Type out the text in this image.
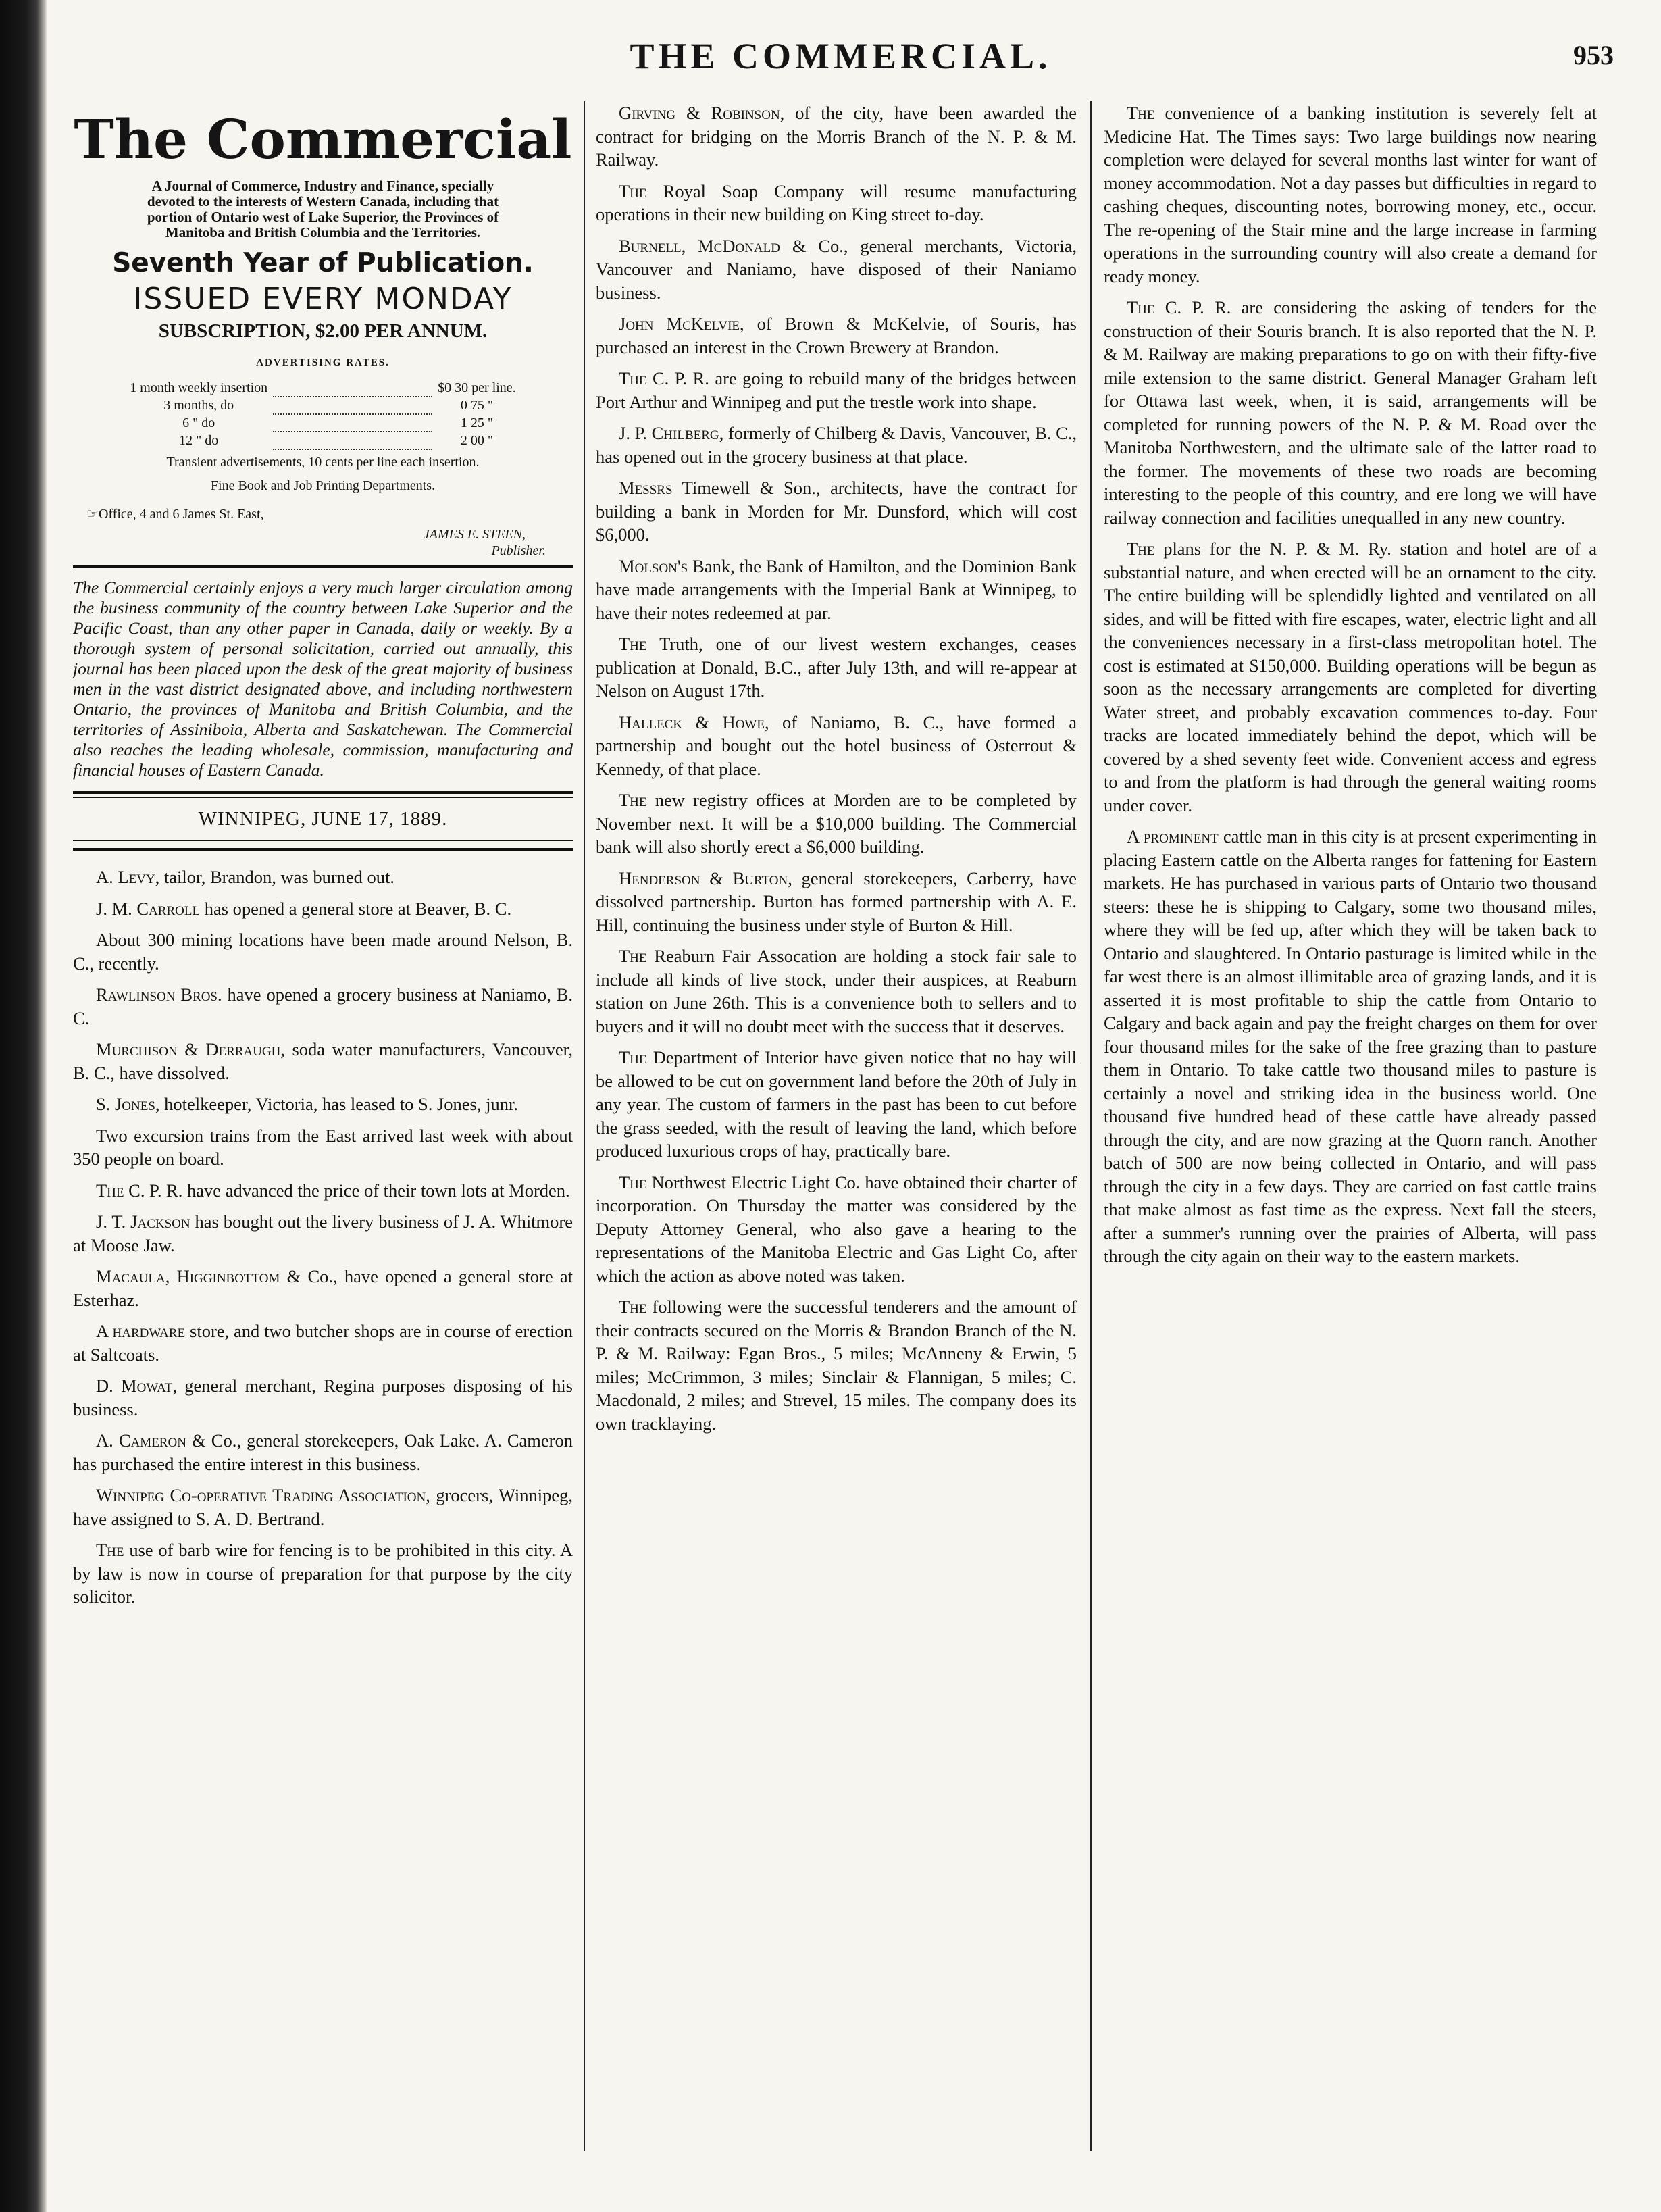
THE COMMERCIAL.	953
The Commercial
A Journal of Commerce, Industry and Finance, specially devoted to the interests of Western Canada, including that portion of Ontario west of Lake Superior, the Provinces of Manitoba and British Columbia and the Territories.
Seventh Year of Publication.
ISSUED EVERY MONDAY
SUBSCRIPTION, $2.00 PER ANNUM.
ADVERTISING RATES.
1 month weekly insertion		$0 30 per line.
3 months, do		0 75 "
6 " do		1 25 "
12 " do		2 00 "
Transient advertisements, 10 cents per line each insertion.
Fine Book and Job Printing Departments.
☞Office, 4 and 6 James St. East,
JAMES E. STEEN,
Publisher.
The Commercial certainly enjoys a very much larger circulation among the business community of the country between Lake Superior and the Pacific Coast, than any other paper in Canada, daily or weekly. By a thorough system of personal solicitation, carried out annually, this journal has been placed upon the desk of the great majority of business men in the vast district designated above, and including northwestern Ontario, the provinces of Manitoba and British Columbia, and the territories of Assiniboia, Alberta and Saskatchewan. The Commercial also reaches the leading wholesale, commission, manufacturing and financial houses of Eastern Canada.
WINNIPEG, JUNE 17, 1889.

A. Levy, tailor, Brandon, was burned out.

J. M. Carroll has opened a general store at Beaver, B. C.

About 300 mining locations have been made around Nelson, B. C., recently.

Rawlinson Bros. have opened a grocery business at Naniamo, B. C.

Murchison & Derraugh, soda water manufacturers, Vancouver, B. C., have dissolved.

S. Jones, hotelkeeper, Victoria, has leased to S. Jones, junr.

Two excursion trains from the East arrived last week with about 350 people on board.

The C. P. R. have advanced the price of their town lots at Morden.

J. T. Jackson has bought out the livery business of J. A. Whitmore at Moose Jaw.

Macaula, Higginbottom & Co., have opened a general store at Esterhaz.

A hardware store, and two butcher shops are in course of erection at Saltcoats.

D. Mowat, general merchant, Regina purposes disposing of his business.

A. Cameron & Co., general storekeepers, Oak Lake. A. Cameron has purchased the entire interest in this business.

Winnipeg Co-operative Trading Association, grocers, Winnipeg, have assigned to S. A. D. Bertrand.

The use of barb wire for fencing is to be prohibited in this city. A by law is now in course of preparation for that purpose by the city solicitor.

Girving & Robinson, of the city, have been awarded the contract for bridging on the Morris Branch of the N. P. & M. Railway.

The Royal Soap Company will resume manufacturing operations in their new building on King street to-day.

Burnell, McDonald & Co., general merchants, Victoria, Vancouver and Naniamo, have disposed of their Naniamo business.

John McKelvie, of Brown & McKelvie, of Souris, has purchased an interest in the Crown Brewery at Brandon.

The C. P. R. are going to rebuild many of the bridges between Port Arthur and Winnipeg and put the trestle work into shape.

J. P. Chilberg, formerly of Chilberg & Davis, Vancouver, B. C., has opened out in the grocery business at that place.

Messrs Timewell & Son., architects, have the contract for building a bank in Morden for Mr. Dunsford, which will cost $6,000.

Molson's Bank, the Bank of Hamilton, and the Dominion Bank have made arrangements with the Imperial Bank at Winnipeg, to have their notes redeemed at par.

The Truth, one of our livest western exchanges, ceases publication at Donald, B.C., after July 13th, and will re-appear at Nelson on August 17th.

Halleck & Howe, of Naniamo, B. C., have formed a partnership and bought out the hotel business of Osterrout & Kennedy, of that place.

The new registry offices at Morden are to be completed by November next. It will be a $10,000 building. The Commercial bank will also shortly erect a $6,000 building.

Henderson & Burton, general storekeepers, Carberry, have dissolved partnership. Burton has formed partnership with A. E. Hill, continuing the business under style of Burton & Hill.

The Reaburn Fair Assocation are holding a stock fair sale to include all kinds of live stock, under their auspices, at Reaburn station on June 26th. This is a convenience both to sellers and to buyers and it will no doubt meet with the success that it deserves.

The Department of Interior have given notice that no hay will be allowed to be cut on government land before the 20th of July in any year. The custom of farmers in the past has been to cut before the grass seeded, with the result of leaving the land, which before produced luxurious crops of hay, practically bare.

The Northwest Electric Light Co. have obtained their charter of incorporation. On Thursday the matter was considered by the Deputy Attorney General, who also gave a hearing to the representations of the Manitoba Electric and Gas Light Co, after which the action as above noted was taken.

The following were the successful tenderers and the amount of their contracts secured on the Morris & Brandon Branch of the N. P. & M. Railway: Egan Bros., 5 miles; McAnneny & Erwin, 5 miles; McCrimmon, 3 miles; Sinclair & Flannigan, 5 miles; C. Macdonald, 2 miles; and Strevel, 15 miles. The company does its own tracklaying.

The convenience of a banking institution is severely felt at Medicine Hat. The Times says: Two large buildings now nearing completion were delayed for several months last winter for want of money accommodation. Not a day passes but difficulties in regard to cashing cheques, discounting notes, borrowing money, etc., occur. The re-opening of the Stair mine and the large increase in farming operations in the surrounding country will also create a demand for ready money.

The C. P. R. are considering the asking of tenders for the construction of their Souris branch. It is also reported that the N. P. & M. Railway are making preparations to go on with their fifty-five mile extension to the same district. General Manager Graham left for Ottawa last week, when, it is said, arrangements will be completed for running powers of the N. P. & M. Road over the Manitoba Northwestern, and the ultimate sale of the latter road to the former. The movements of these two roads are becoming interesting to the people of this country, and ere long we will have railway connection and facilities unequalled in any new country.

The plans for the N. P. & M. Ry. station and hotel are of a substantial nature, and when erected will be an ornament to the city. The entire building will be splendidly lighted and ventilated on all sides, and will be fitted with fire escapes, water, electric light and all the conveniences necessary in a first-class metropolitan hotel. The cost is estimated at $150,000. Building operations will be begun as soon as the necessary arrangements are completed for diverting Water street, and probably excavation commences to-day. Four tracks are located immediately behind the depot, which will be covered by a shed seventy feet wide. Convenient access and egress to and from the platform is had through the general waiting rooms under cover.

A prominent cattle man in this city is at present experimenting in placing Eastern cattle on the Alberta ranges for fattening for Eastern markets. He has purchased in various parts of Ontario two thousand steers: these he is shipping to Calgary, some two thousand miles, where they will be fed up, after which they will be taken back to Ontario and slaughtered. In Ontario pasturage is limited while in the far west there is an almost illimitable area of grazing lands, and it is asserted it is most profitable to ship the cattle from Ontario to Calgary and back again and pay the freight charges on them for over four thousand miles for the sake of the free grazing than to pasture them in Ontario. To take cattle two thousand miles to pasture is certainly a novel and striking idea in the business world. One thousand five hundred head of these cattle have already passed through the city, and are now grazing at the Quorn ranch. Another batch of 500 are now being collected in Ontario, and will pass through the city in a few days. They are carried on fast cattle trains that make almost as fast time as the express. Next fall the steers, after a summer's running over the prairies of Alberta, will pass through the city again on their way to the eastern markets.
